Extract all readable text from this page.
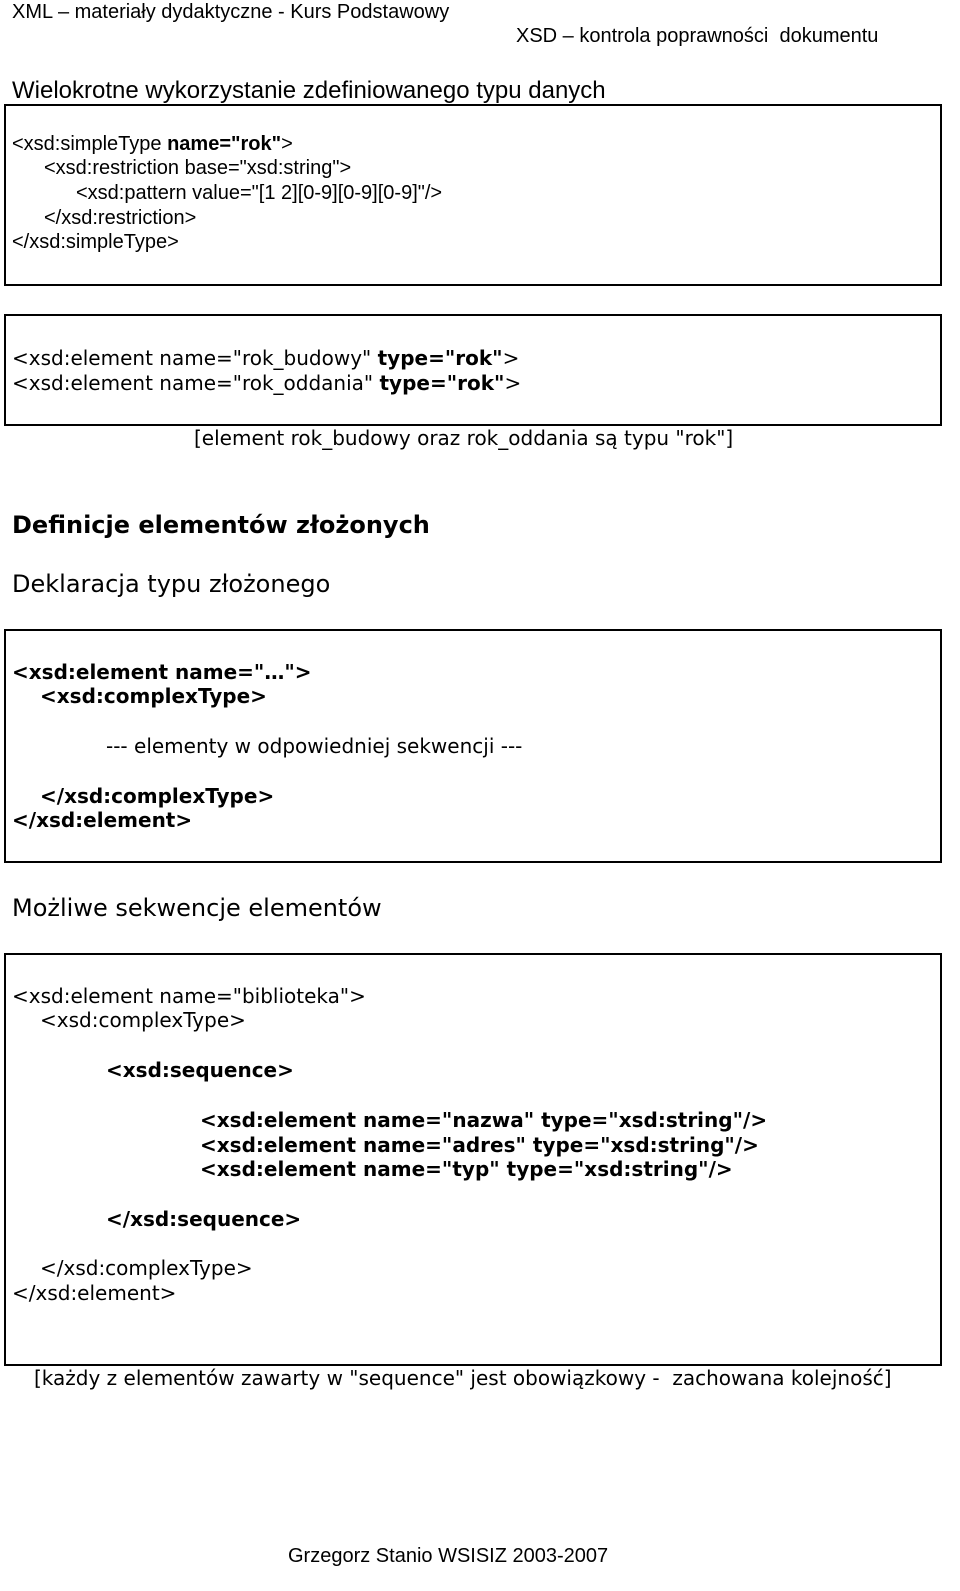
XML – materiały dydaktyczne - Kurs Podstawowy
XSD – kontrola poprawności  dokumentu
Wielokrotne wykorzystanie zdefiniowanego typu danych
<xsd:simpleType name="rok">
<xsd:restriction base="xsd:string">
<xsd:pattern value="[1 2][0-9][0-9][0-9]"/>
</xsd:restriction>
</xsd:simpleType>
<xsd:element name="rok_budowy" type="rok">
<xsd:element name="rok_oddania" type="rok">
[element rok_budowy oraz rok_oddania są typu "rok"]
Definicje elementów złożonych
Deklaracja typu złożonego
<xsd:element name="…">
<xsd:complexType>
--- elementy w odpowiedniej sekwencji ---
</xsd:complexType>
</xsd:element>
Możliwe sekwencje elementów
<xsd:element name="biblioteka">
<xsd:complexType>
<xsd:sequence>
<xsd:element name="nazwa" type="xsd:string"/>
<xsd:element name="adres" type="xsd:string"/>
<xsd:element name="typ" type="xsd:string"/>
</xsd:sequence>
</xsd:complexType>
</xsd:element>
[każdy z elementów zawarty w "sequence" jest obowiązkowy -  zachowana kolejność]
Grzegorz Stanio WSISIZ 2003-2007
